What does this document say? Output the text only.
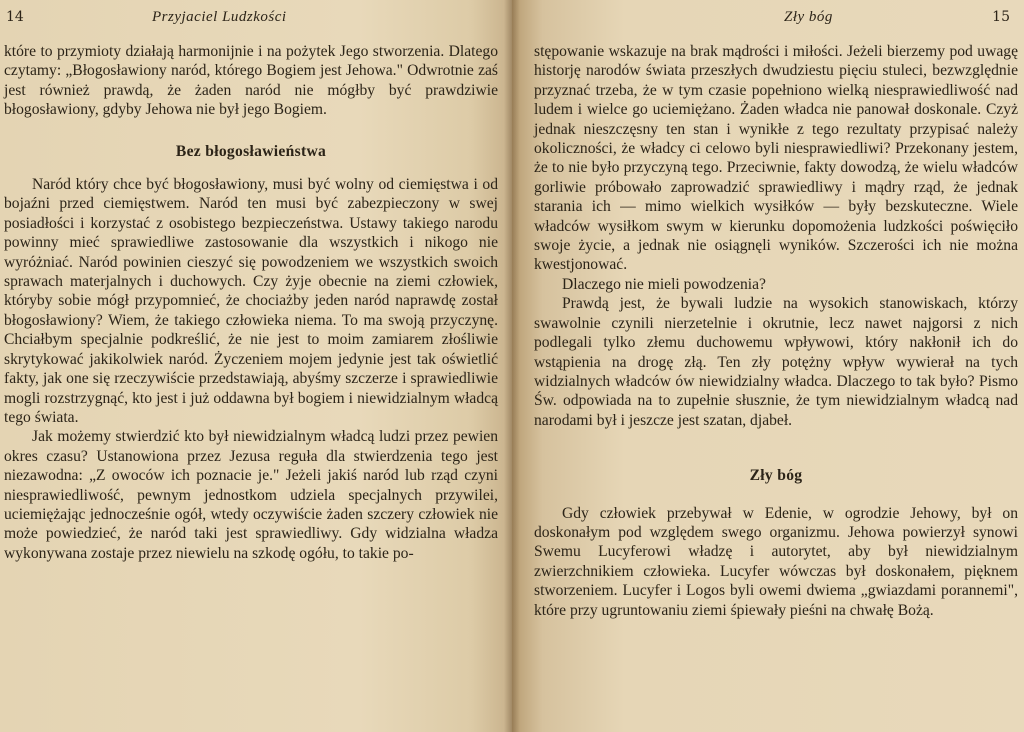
14	Przyjaciel Ludzkości

które to przymioty działają harmonijnie i na pożytek Jego stworzenia. Dlatego czytamy: „Błogosławiony naród, którego Bogiem jest Jehowa." Odwrotnie zaś jest również prawdą, że żaden naród nie mógłby być prawdziwie błogosławiony, gdyby Jehowa nie był jego Bogiem.

Bez błogosławieństwa

Naród który chce być błogosławiony, musi być wolny od ciemięstwa i od bojaźni przed ciemięstwem. Naród ten musi być zabezpieczony w swej posiadłości i korzystać z osobistego bezpieczeństwa. Ustawy takiego narodu powinny mieć sprawiedliwe zastosowanie dla wszystkich i nikogo nie wyróżniać. Naród powinien cieszyć się powodzeniem we wszystkich swoich sprawach materjalnych i duchowych. Czy żyje obecnie na ziemi człowiek, któryby sobie mógł przypomnieć, że chociażby jeden naród naprawdę został błogosławiony? Wiem, że takiego człowieka niema. To ma swoją przyczynę. Chciałbym specjalnie podkreślić, że nie jest to moim zamiarem złośliwie skrytykować jakikolwiek naród. Życzeniem mojem jedynie jest tak oświetlić fakty, jak one się rzeczywiście przedstawiają, abyśmy szczerze i sprawiedliwie mogli rozstrzygnąć, kto jest i już oddawna był bogiem i niewidzialnym władcą tego świata.

Jak możemy stwierdzić kto był niewidzialnym władcą ludzi przez pewien okres czasu? Ustanowiona przez Jezusa reguła dla stwierdzenia tego jest niezawodna: „Z owoców ich poznacie je." Jeżeli jakiś naród lub rząd czyni niesprawiedliwość, pewnym jednostkom udziela specjalnych przywilei, uciemiężając jednocześnie ogół, wtedy oczywiście żaden szczery człowiek nie może powiedzieć, że naród taki jest sprawiedliwy. Gdy widzialna władza wykonywana zostaje przez niewielu na szkodę ogółu, to takie po-

Zły bóg	15

stępowanie wskazuje na brak mądrości i miłości. Jeżeli bierzemy pod uwagę historję narodów świata przeszłych dwudziestu pięciu stuleci, bezwzględnie przyznać trzeba, że w tym czasie popełniono wielką niesprawiedliwość nad ludem i wielce go uciemiężano. Żaden władca nie panował doskonale. Czyż jednak nieszczęsny ten stan i wynikłe z tego rezultaty przypisać należy okoliczności, że władcy ci celowo byli niesprawiedliwi? Przekonany jestem, że to nie było przyczyną tego. Przeciwnie, fakty dowodzą, że wielu władców gorliwie próbowało zaprowadzić sprawiedliwy i mądry rząd, że jednak starania ich — mimo wielkich wysiłków — były bezskuteczne. Wiele władców wysiłkom swym w kierunku dopomożenia ludzkości poświęciło swoje życie, a jednak nie osiągnęli wyników. Szczerości ich nie można kwestjonować.

Dlaczego nie mieli powodzenia?

Prawdą jest, że bywali ludzie na wysokich stanowiskach, którzy swawolnie czynili nierzetelnie i okrutnie, lecz nawet najgorsi z nich podlegali tylko złemu duchowemu wpływowi, który nakłonił ich do wstąpienia na drogę złą. Ten zły potężny wpływ wywierał na tych widzialnych władców ów niewidzialny władca. Dlaczego to tak było? Pismo Św. odpowiada na to zupełnie słusznie, że tym niewidzialnym władcą nad narodami był i jeszcze jest szatan, djabeł.

Zły bóg

Gdy człowiek przebywał w Edenie, w ogrodzie Jehowy, był on doskonałym pod względem swego organizmu. Jehowa powierzył synowi Swemu Lucyferowi władzę i autorytet, aby był niewidzialnym zwierzchnikiem człowieka. Lucyfer wówczas był doskonałem, pięknem stworzeniem. Lucyfer i Logos byli owemi dwiema „gwiazdami porannemi", które przy ugruntowaniu ziemi śpiewały pieśni na chwałę Bożą.
